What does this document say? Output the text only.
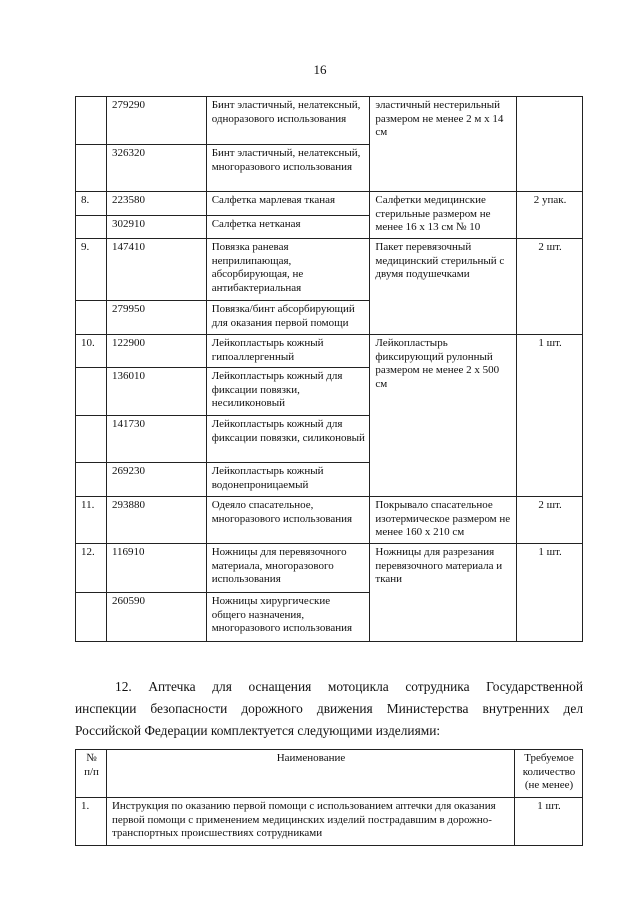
16
	279290	Бинт эластичный, нелатексный, одноразового использования	эластичный нестерильный размером не менее 2 м х 14 см	
	326320	Бинт эластичный, нелатексный, многоразового использования		
8.	223580	Салфетка марлевая тканая	Салфетки медицинские стерильные размером не менее 16 х 13 см № 10	2 упак.
	302910	Салфетка нетканая		
9.	147410	Повязка раневая неприлипающая, абсорбирующая, не антибактериальная	Пакет перевязочный медицинский стерильный с двумя подушечками	2 шт.
	279950	Повязка/бинт абсорбирующий для оказания первой помощи		
10.	122900	Лейкопластырь кожный гипоаллергенный	Лейкопластырь фиксирующий рулонный размером не менее 2 х 500 см	1 шт.
	136010	Лейкопластырь кожный для фиксации повязки, несиликоновый		
	141730	Лейкопластырь кожный для фиксации повязки, силиконовый		
	269230	Лейкопластырь кожный водонепроницаемый		
11.	293880	Одеяло спасательное, многоразового использования	Покрывало спасательное изотермическое размером не менее 160 х 210 см	2 шт.
12.	116910	Ножницы для перевязочного материала, многоразового использования	Ножницы для разрезания перевязочного материала и ткани	1 шт.
	260590	Ножницы хирургические общего назначения, многоразового использования		
12. Аптечка для оснащения мотоцикла сотрудника Государственной
инспекции безопасности дорожного движения Министерства внутренних дел
Российской Федерации комплектуется следующими изделиями:
№ п/п	Наименование	Требуемое количество (не менее)
1.	Инструкция по оказанию первой помощи с использованием аптечки для оказания первой помощи с применением медицинских изделий пострадавшим в дорожно-транспортных происшествиях сотрудниками	1 шт.
